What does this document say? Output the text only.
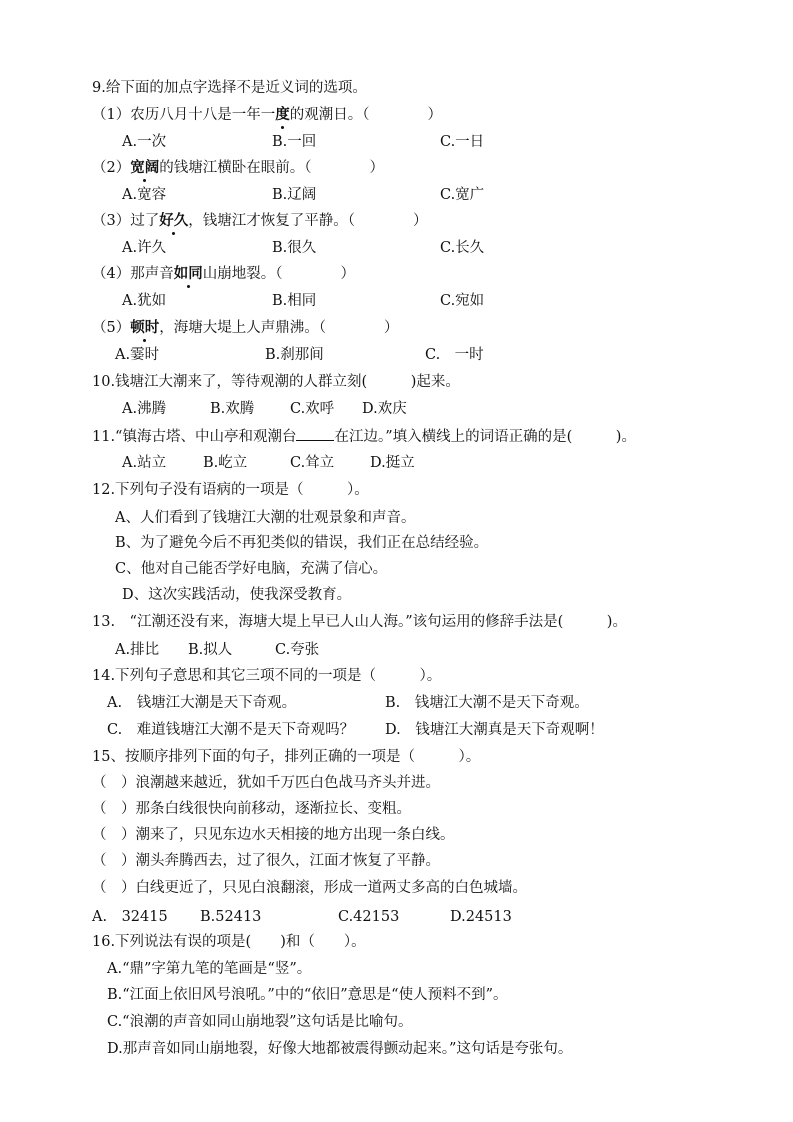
9.给下面的加点字选择不是近义词的选项。
（1）农历八月十八是一年一度的观潮日。（　　　　）
A.一次	B.一回	C.一日
（2）宽阔的钱塘江横卧在眼前。（　　　　）
A.宽容	B.辽阔	C.宽广
（3）过了好久，钱塘江才恢复了平静。（　　　　）
A.许久	B.很久	C.长久
（4）那声音如同山崩地裂。（　　　　）
A.犹如	B.相同	C.宛如
（5）顿时，海塘大堤上人声鼎沸。（　　　　）
A.霎时	B.刹那间	C.　一时
10.钱塘江大潮来了，等待观潮的人群立刻(　　　)起来。
A.沸腾	B.欢腾 C.欢呼 D.欢庆
11.“镇海古塔、中山亭和观潮台	在江边。”填入横线上的词语正确的是(　　　)。
A.站立	B.屹立	C.耸立 D.挺立
12.下列句子没有语病的一项是（　　　）。
A、人们看到了钱塘江大潮的壮观景象和声音。
B、为了避免今后不再犯类似的错误，我们正在总结经验。
C、他对自己能否学好电脑，充满了信心。
D、这次实践活动，使我深受教育。
13.　“江潮还没有来，海塘大堤上早已人山人海。”该句运用的修辞手法是(　　　)。
A.排比 B.拟人	C.夸张
14.下列句子意思和其它三项不同的一项是（　　　）。
A.　钱塘江大潮是天下奇观。	B.　钱塘江大潮不是天下奇观。
C.　难道钱塘江大潮不是天下奇观吗？ D.　钱塘江大潮真是天下奇观啊！
15、按顺序排列下面的句子，排列正确的一项是（　　　）。
（　）浪潮越来越近，犹如千万匹白色战马齐头并进。
（　）那条白线很快向前移动，逐渐拉长、变粗。
（　）潮来了，只见东边水天相接的地方出现一条白线。
（　）潮头奔腾西去，过了很久，江面才恢复了平静。
（　）白线更近了，只见白浪翻滚，形成一道两丈多高的白色城墙。
A.　32415 B.52413	C.42153	D.24513
16.下列说法有误的项是(　　)和（　　）。
A.“鼎”字第九笔的笔画是“竖”。
B.“江面上依旧风号浪吼。”中的“依旧”意思是“使人预料不到”。
C.“浪潮的声音如同山崩地裂”这句话是比喻句。
D.那声音如同山崩地裂，好像大地都被震得颤动起来。”这句话是夸张句。
